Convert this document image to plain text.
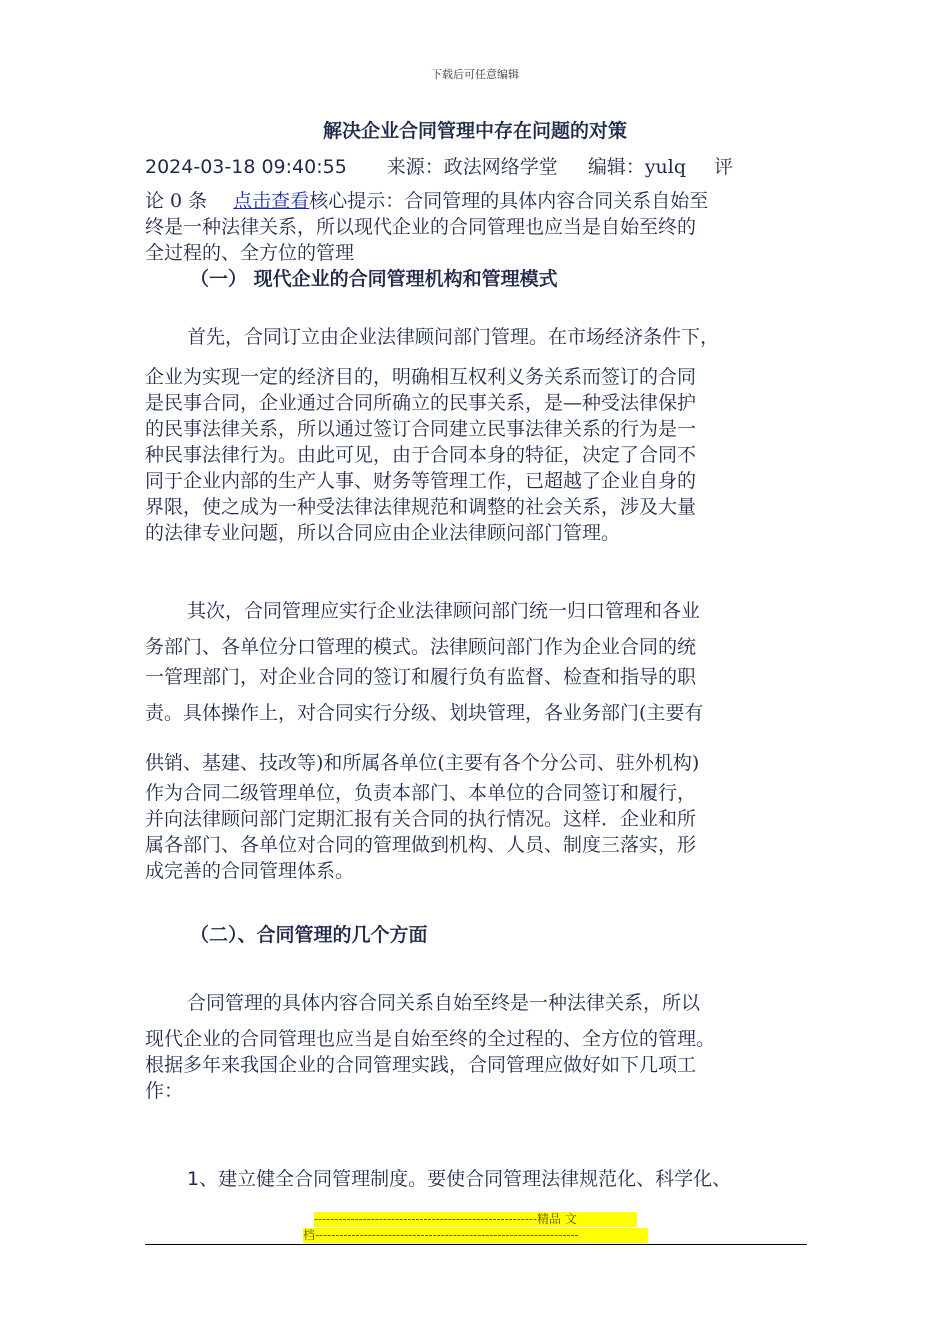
下载后可任意编辑
解决企业合同管理中存在问题的对策
2024-03-18 09:40:55 来源：政法网络学堂 编辑：yulq 评
论 0 条 点击查看核心提示：合同管理的具体内容合同关系自始至
终是一种法律关系，所以现代企业的合同管理也应当是自始至终的
全过程的、全方位的管理
（一） 现代企业的合同管理机构和管理模式
首先，合同订立由企业法律顾问部门管理。在市场经济条件下，
企业为实现一定的经济目的，明确相互权利义务关系而签订的合同
是民事合同，企业通过合同所确立的民事关系，是—种受法律保护
的民事法律关系，所以通过签订合同建立民事法律关系的行为是一
种民事法律行为。由此可见，由于合同本身的特征，决定了合同不
同于企业内部的生产人事、财务等管理工作，已超越了企业自身的
界限，使之成为一种受法律法律规范和调整的社会关系，涉及大量
的法律专业问题，所以合同应由企业法律顾问部门管理。
其次，合同管理应实行企业法律顾问部门统一归口管理和各业
务部门、各单位分口管理的模式。法律顾问部门作为企业合同的统
一管理部门，对企业合同的签订和履行负有监督、检查和指导的职
责。具体操作上，对合同实行分级、划块管理，各业务部门(主要有
供销、基建、技改等)和所属各单位(主要有各个分公司、驻外机构)
作为合同二级管理单位，负责本部门、本单位的合同签订和履行，
并向法律顾问部门定期汇报有关合同的执行情况。这样．企业和所
属各部门、各单位对合同的管理做到机构、人员、制度三落实，形
成完善的合同管理体系。
（二）、合同管理的几个方面
合同管理的具体内容合同关系自始至终是一种法律关系，所以
现代企业的合同管理也应当是自始至终的全过程的、全方位的管理。
根据多年来我国企业的合同管理实践，合同管理应做好如下几项工
作：
1、建立健全合同管理制度。要使合同管理法律规范化、科学化、
-------------------------------------------------------精品 文
档-----------------------------------------------------------------
